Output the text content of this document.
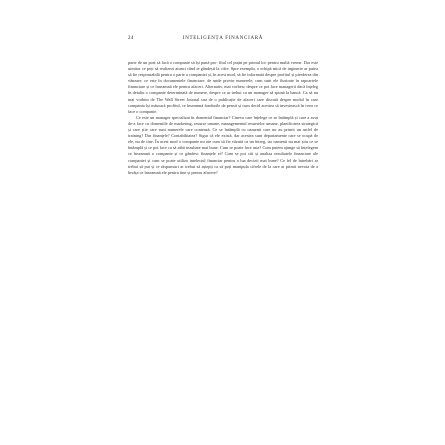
24	INTELIGENȚA FINANCIARĂ

parte de un post să facă o companie să își pună pro- fitul cel puțin pe primul loc pentru multă vreme. Dar este uimitor ce poți să realizezi atunci când te gândești la cifre. Spre exemplu, o echipă mică de inginerie ar putea să fie responsabilă pentru o parte a companiei și, în acest mod, să fie informată despre profitul și pierderea din vânzare, ce este în documentele financiare, de unde provin numerele, cum sunt ele ilustrate în rapoartele financiare și ce înseamnă ele pentru afaceri. Alternativ, mai vorbesc despre ce pot face managerii dacă înțeleg în detaliu o companie determinată de numere, despre ce ar trebui ca un manager să spună la bancă. Ca să nu mai vorbim de The Wall Street Journal sau de o publicație de afaceri care discută despre modul în care compania își măsoară profitul, ce înseamnă fondurile de pensii și cum decid acestea să investească în ceea ce face o companie.

Ce este un manager specializat în domeniul financiar? Cineva care înțelege ce se întâmplă și care a avut de-a face cu domeniile de marketing, resurse umane, managementul resurselor umane, planificarea strategică și care știe care sunt numerele care contează. Ce se întâmplă cu oamenii care nu au primit un astfel de training? Dar finanțele? Contabilitatea? Sigur că ele există, dar acestea sunt departamente care se ocupă de ele, nu de tine. În acest mod o companie nu are cum să fie văzută ca un întreg, iar oamenii nu mai știu ce se întâmplă și ce pot face ca să aibă rezultate mai bune. Cum se poate face asta? Cum putem ajunge să înțelegem ce înseamnă o companie și ce gândesc finanțele ei? Cum se pot citi și analiza rezultatele financiare ale companiei și cum se poate utiliza intelectul financiar pentru a lua decizii mai bune? Ce fel de întrebări ar trebui să pui și ce răspunsuri ar trebui să aștepți ca să poți manipula cifrele de la care ai primit nevoia de a învăța ce înseamnă ele pentru tine și pentru afacere?
